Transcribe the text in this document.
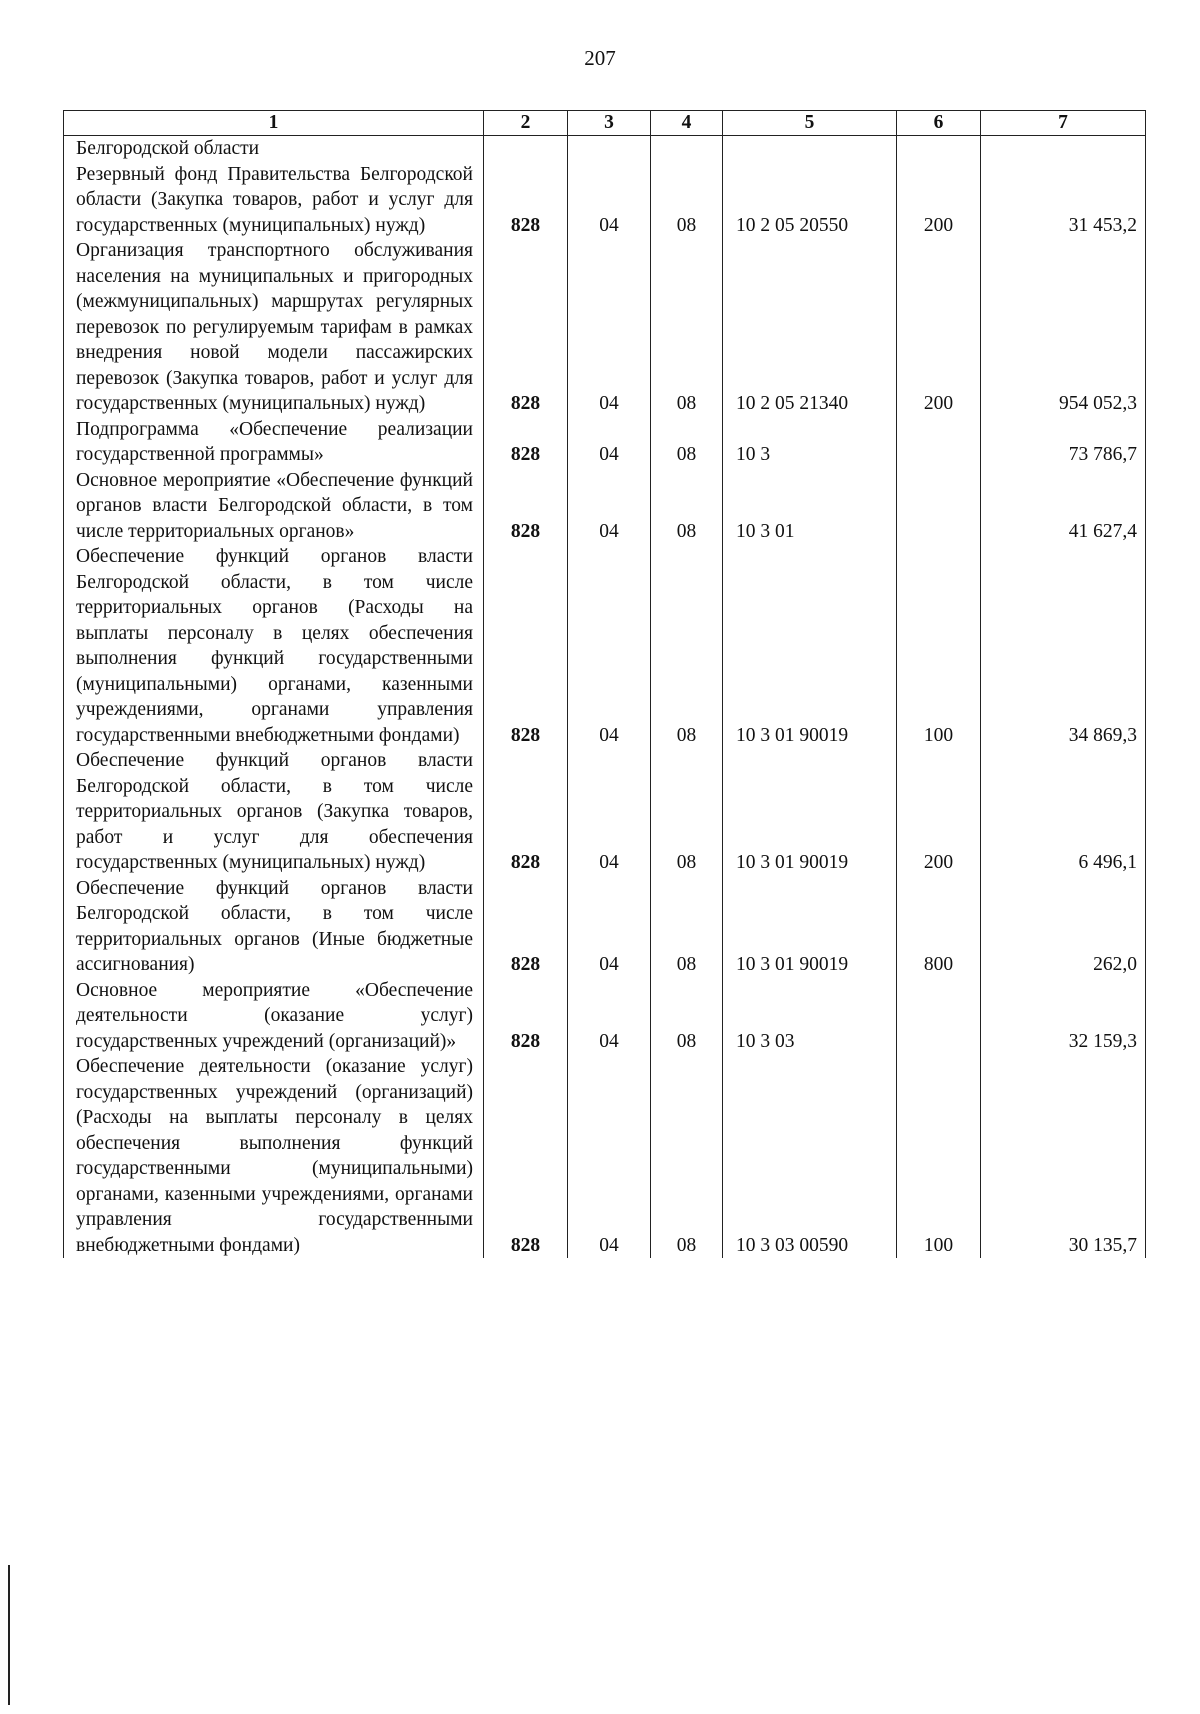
207
1	2	3	4	5	6	7
Белгородской области						
Резервный фонд Правительства Белгородской области (Закупка товаров, работ и услуг для государственных (муниципальных) нужд)	828	04	08	10 2 05 20550	200	31 453,2
Организация транспортного обслуживания населения на муниципальных и пригородных (межмуниципальных) маршрутах регулярных перевозок по регулируемым тарифам в рамках внедрения новой модели пассажирских перевозок (Закупка товаров, работ и услуг для государственных (муниципальных) нужд)	828	04	08	10 2 05 21340	200	954 052,3
Подпрограмма «Обеспечение реализации государственной программы»	828	04	08	10 3		73 786,7
Основное мероприятие «Обеспечение функций органов власти Белгородской области, в том числе территориальных органов»	828	04	08	10 3 01		41 627,4
Обеспечение функций органов власти Белгородской области, в том числе территориальных органов (Расходы на выплаты персоналу в целях обеспечения выполнения функций государственными (муниципальными) органами, казенными учреждениями, органами управления государственными внебюджетными фондами)	828	04	08	10 3 01 90019	100	34 869,3
Обеспечение функций органов власти Белгородской области, в том числе территориальных органов (Закупка товаров, работ и услуг для обеспечения государственных (муниципальных) нужд)	828	04	08	10 3 01 90019	200	6 496,1
Обеспечение функций органов власти Белгородской области, в том числе территориальных органов (Иные бюджетные ассигнования)	828	04	08	10 3 01 90019	800	262,0
Основное мероприятие «Обеспечение деятельности (оказание услуг) государственных учреждений (организаций)»	828	04	08	10 3 03		32 159,3
Обеспечение деятельности (оказание услуг) государственных учреждений (организаций) (Расходы на выплаты персоналу в целях обеспечения выполнения функций государственными (муниципальными) органами, казенными учреждениями, органами управления государственными внебюджетными фондами)	828	04	08	10 3 03 00590	100	30 135,7
